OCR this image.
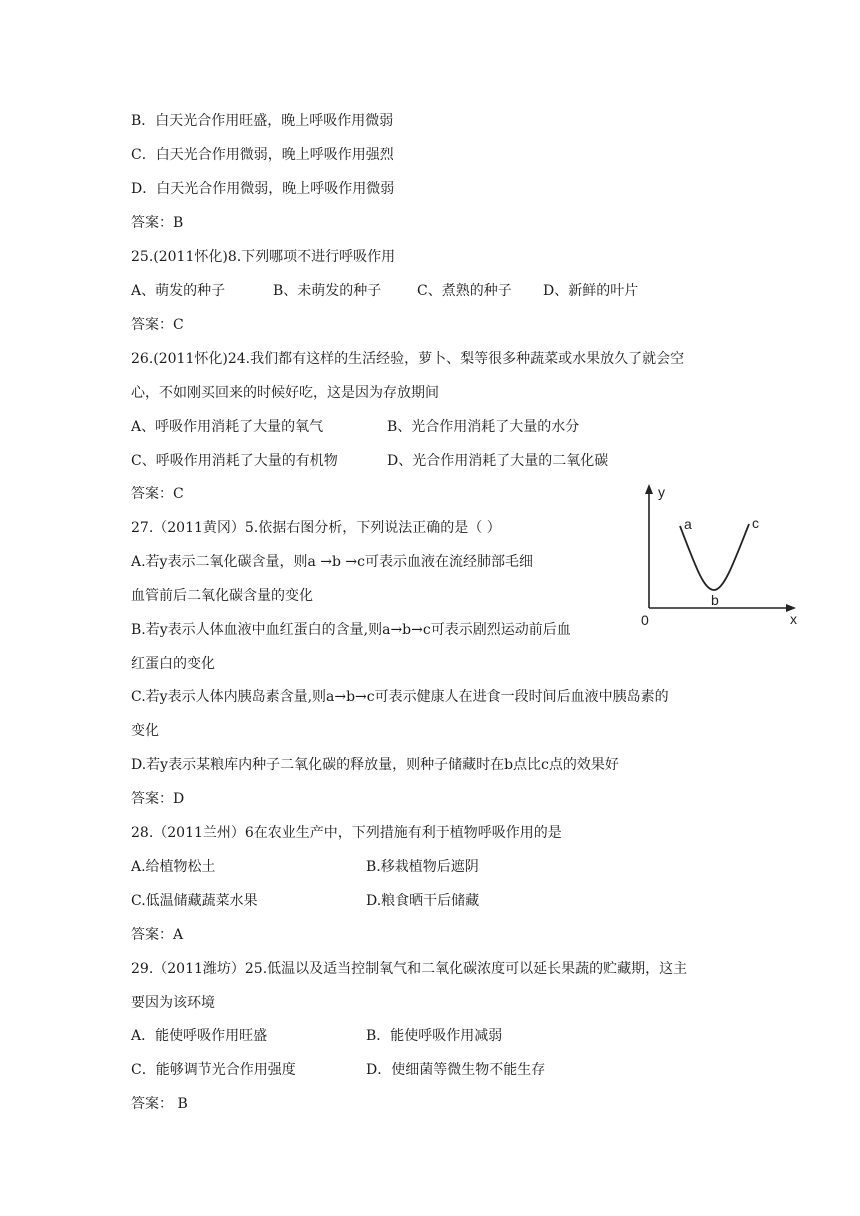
B．白天光合作用旺盛，晚上呼吸作用微弱
C．白天光合作用微弱，晚上呼吸作用强烈
D．白天光合作用微弱，晚上呼吸作用微弱
答案：B
25.(2011怀化)8.下列哪项不进行呼吸作用
A、萌发的种子	B、未萌发的种子	C、煮熟的种子 D、新鲜的叶片
答案：C
26.(2011怀化)24.我们都有这样的生活经验，萝卜、梨等很多种蔬菜或水果放久了就会空
心，不如刚买回来的时候好吃，这是因为存放期间
A、呼吸作用消耗了大量的氧气	B、光合作用消耗了大量的水分
C、呼吸作用消耗了大量的有机物	D、光合作用消耗了大量的二氧化碳
答案：C
27.（2011黄冈）5.依据右图分析，下列说法正确的是（ ）
A.若y表示二氧化碳含量，则a →b →c可表示血液在流经肺部毛细
血管前后二氧化碳含量的变化
B.若y表示人体血液中血红蛋白的含量,则a→b→c可表示剧烈运动前后血
红蛋白的变化
C.若y表示人体内胰岛素含量,则a→b→c可表示健康人在进食一段时间后血液中胰岛素的
变化
D.若y表示某粮库内种子二氧化碳的释放量，则种子储藏时在b点比c点的效果好
答案：D
y
x
0
a
b
c
28.（2011兰州）6在农业生产中，下列措施有利于植物呼吸作用的是
A.给植物松土	B.移栽植物后遮阴
C.低温储藏蔬菜水果	D.粮食晒干后储藏
答案：A
29.（2011潍坊）25.低温以及适当控制氧气和二氧化碳浓度可以延长果蔬的贮藏期，这主
要因为该环境
A．能使呼吸作用旺盛	B．能使呼吸作用减弱
C．能够调节光合作用强度	D．使细菌等微生物不能生存
答案： B
